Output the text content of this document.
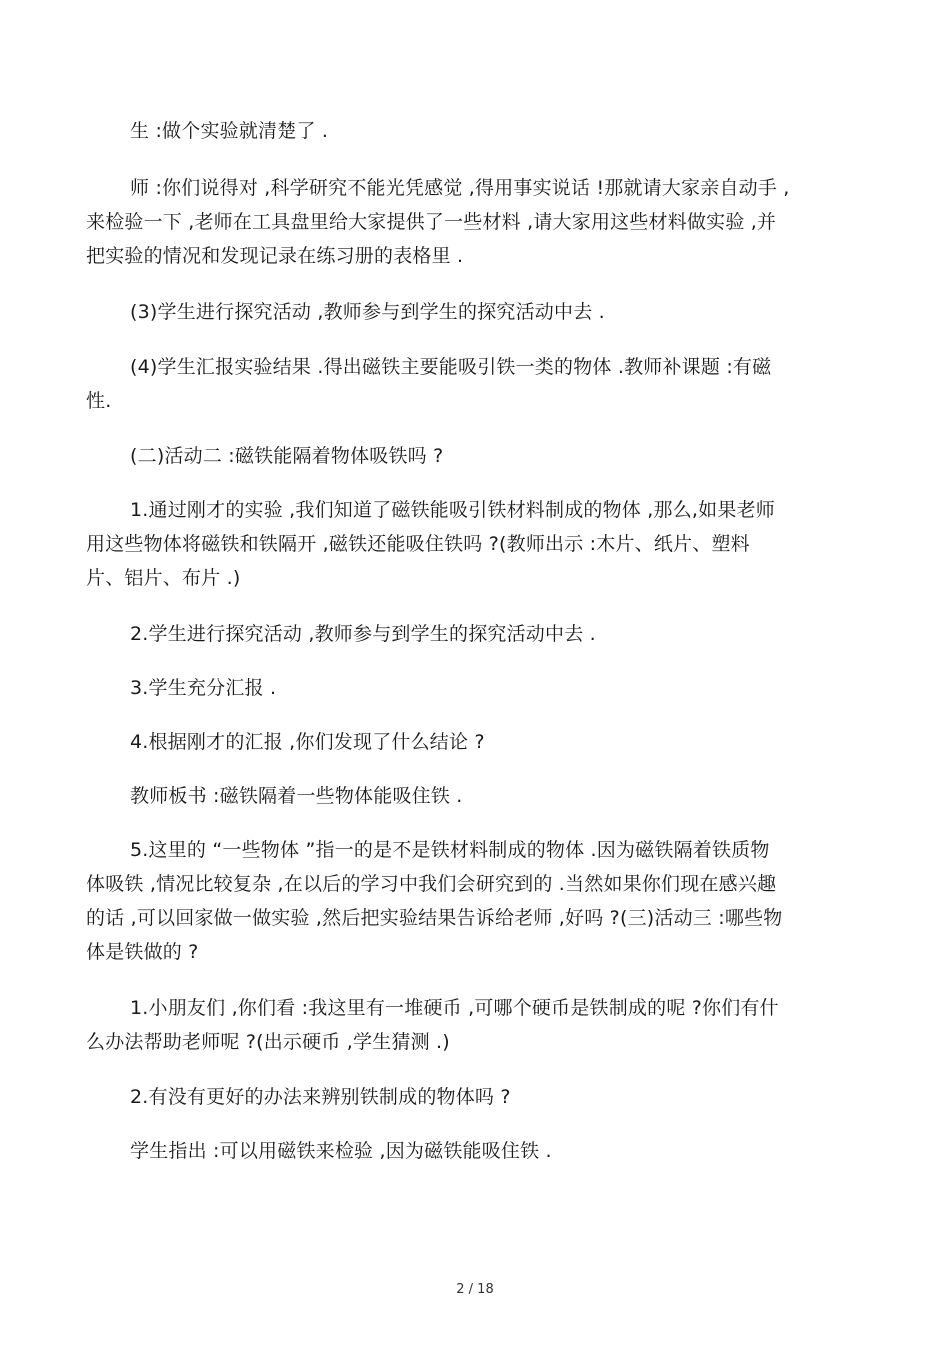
生 :做个实验就清楚了 .
师 :你们说得对 ,科学研究不能光凭感觉 ,得用事实说话 !那就请大家亲自动手 ,
来检验一下 ,老师在工具盘里给大家提供了一些材料 ,请大家用这些材料做实验 ,并
把实验的情况和发现记录在练习册的表格里 .
(3)学生进行探究活动 ,教师参与到学生的探究活动中去 .
(4)学生汇报实验结果 .得出磁铁主要能吸引铁一类的物体 .教师补课题 :有磁
性.
(二)活动二 :磁铁能隔着物体吸铁吗 ?
1.通过刚才的实验 ,我们知道了磁铁能吸引铁材料制成的物体 ,那么,如果老师
用这些物体将磁铁和铁隔开 ,磁铁还能吸住铁吗 ?(教师出示 :木片、纸片、塑料
片、铝片、布片 .)
2.学生进行探究活动 ,教师参与到学生的探究活动中去 .
3.学生充分汇报 .
4.根据刚才的汇报 ,你们发现了什么结论 ?
教师板书 :磁铁隔着一些物体能吸住铁 .
5.这里的 “一些物体 ”指一的是不是铁材料制成的物体 .因为磁铁隔着铁质物
体吸铁 ,情况比较复杂 ,在以后的学习中我们会研究到的 .当然如果你们现在感兴趣
的话 ,可以回家做一做实验 ,然后把实验结果告诉给老师 ,好吗 ?(三)活动三 :哪些物
体是铁做的 ?
1.小朋友们 ,你们看 :我这里有一堆硬币 ,可哪个硬币是铁制成的呢 ?你们有什
么办法帮助老师呢 ?(出示硬币 ,学生猜测 .)
2.有没有更好的办法来辨别铁制成的物体吗 ?
学生指出 :可以用磁铁来检验 ,因为磁铁能吸住铁 .
2 / 18
